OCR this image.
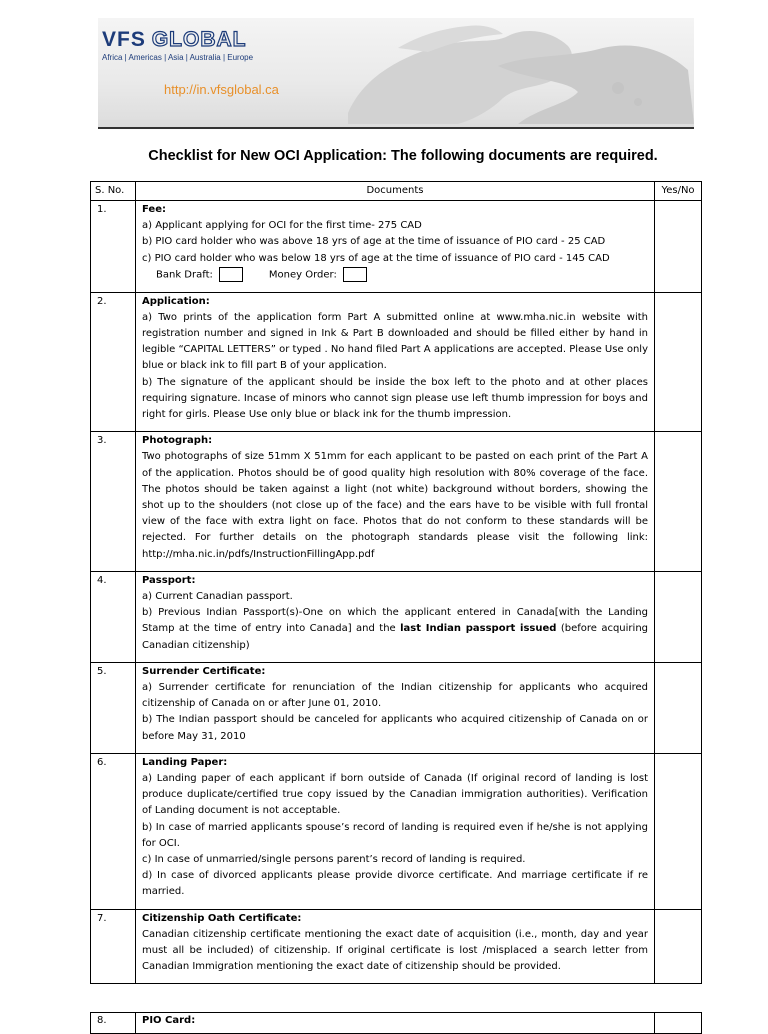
VFS GLOBAL
Africa | Americas | Asia | Australia | Europe
http://in.vfsglobal.ca
Checklist for New OCI Application: The following documents are required.
S. No.	Documents	Yes/No
1.	Fee:
a) Applicant applying for OCI for the first time- 275 CAD
b) PIO card holder who was above 18 yrs of age at the time of issuance of PIO card - 25 CAD
c) PIO card holder who was below 18 yrs of age at the time of issuance of PIO card - 145 CAD
Bank Draft: Money Order:	

2.	Application:
a) Two prints of the application form Part A submitted online at www.mha.nic.in website with registration number and signed in Ink & Part B downloaded and should be filled either by hand in legible “CAPITAL LETTERS” or typed . No hand filed Part A applications are accepted. Please Use only blue or black ink to fill part B of your application.
b) The signature of the applicant should be inside the box left to the photo and at other places requiring signature. Incase of minors who cannot sign please use left thumb impression for boys and right for girls. Please Use only blue or black ink for the thumb impression.	

3.	Photograph:
Two photographs of size 51mm X 51mm for each applicant to be pasted on each print of the Part A of the application. Photos should be of good quality high resolution with 80% coverage of the face. The photos should be taken against a light (not white) background without borders, showing the shot up to the shoulders (not close up of the face) and the ears have to be visible with full frontal view of the face with extra light on face. Photos that do not conform to these standards will be rejected. For further details on the photograph standards please visit the following link: http://mha.nic.in/pdfs/InstructionFillingApp.pdf	

4.	Passport:
a) Current Canadian passport.
b) Previous Indian Passport(s)-One on which the applicant entered in Canada[with the Landing Stamp at the time of entry into Canada] and the last Indian passport issued (before acquiring Canadian citizenship)	

5.	Surrender Certificate:
a) Surrender certificate for renunciation of the Indian citizenship for applicants who acquired citizenship of Canada on or after June 01, 2010.
b) The Indian passport should be canceled for applicants who acquired citizenship of Canada on or before May 31, 2010	

6.	Landing Paper:
a) Landing paper of each applicant if born outside of Canada (If original record of landing is lost produce duplicate/certified true copy issued by the Canadian immigration authorities). Verification of Landing document is not acceptable.
b) In case of married applicants spouse’s record of landing is required even if he/she is not applying for OCI.
c) In case of unmarried/single persons parent’s record of landing is required.
d) In case of divorced applicants please provide divorce certificate. And marriage certificate if re married.	

7.	Citizenship Oath Certificate:
Canadian citizenship certificate mentioning the exact date of acquisition (i.e., month, day and year must all be included) of citizenship. If original certificate is lost /misplaced a search letter from Canadian Immigration mentioning the exact date of citizenship should be provided.	

8.	PIO Card:	
